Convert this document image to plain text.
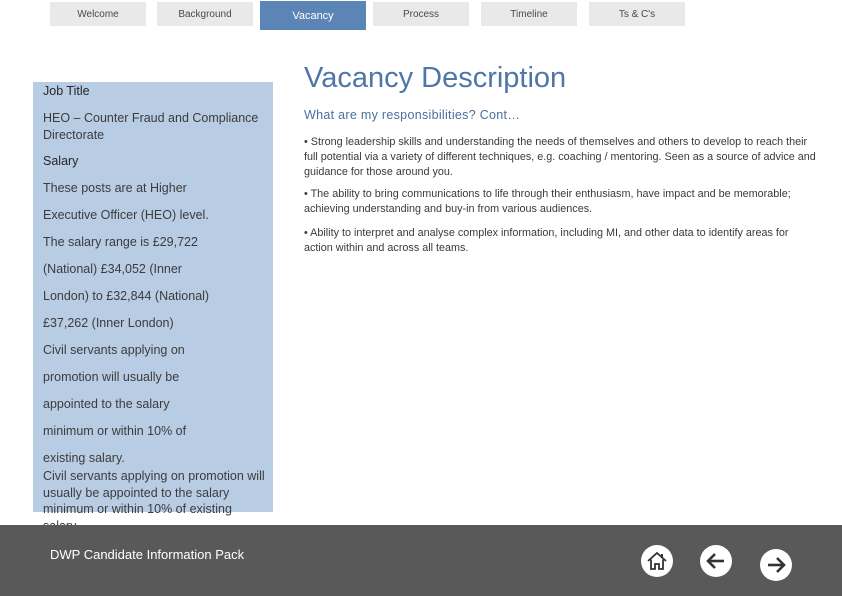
Welcome	Background	Vacancy	Process	Timeline	Ts & C's
Job Title
HEO – Counter Fraud and Compliance Directorate
Salary
These posts are at Higher
Executive Officer (HEO) level.
The salary range is £29,722
(National) £34,052 (Inner
London) to £32,844 (National)
£37,262 (Inner London)
Civil servants applying on
promotion will usually be
appointed to the salary
minimum or within 10% of
existing salary.
Civil servants applying on promotion will usually be appointed to the salary minimum or within 10% of existing
Vacancy Description
What are my responsibilities? Cont…
• Strong leadership skills and understanding the needs of themselves and others to develop to reach their full potential via a variety of different techniques, e.g. coaching / mentoring. Seen as a source of advice and guidance for those around you.
• The ability to bring communications to life through their enthusiasm, have impact and be memorable; achieving understanding and buy-in from various audiences.
• Ability to interpret and analyse complex information, including MI, and other data to identify areas for action within and across all teams.
DWP Candidate Information Pack
